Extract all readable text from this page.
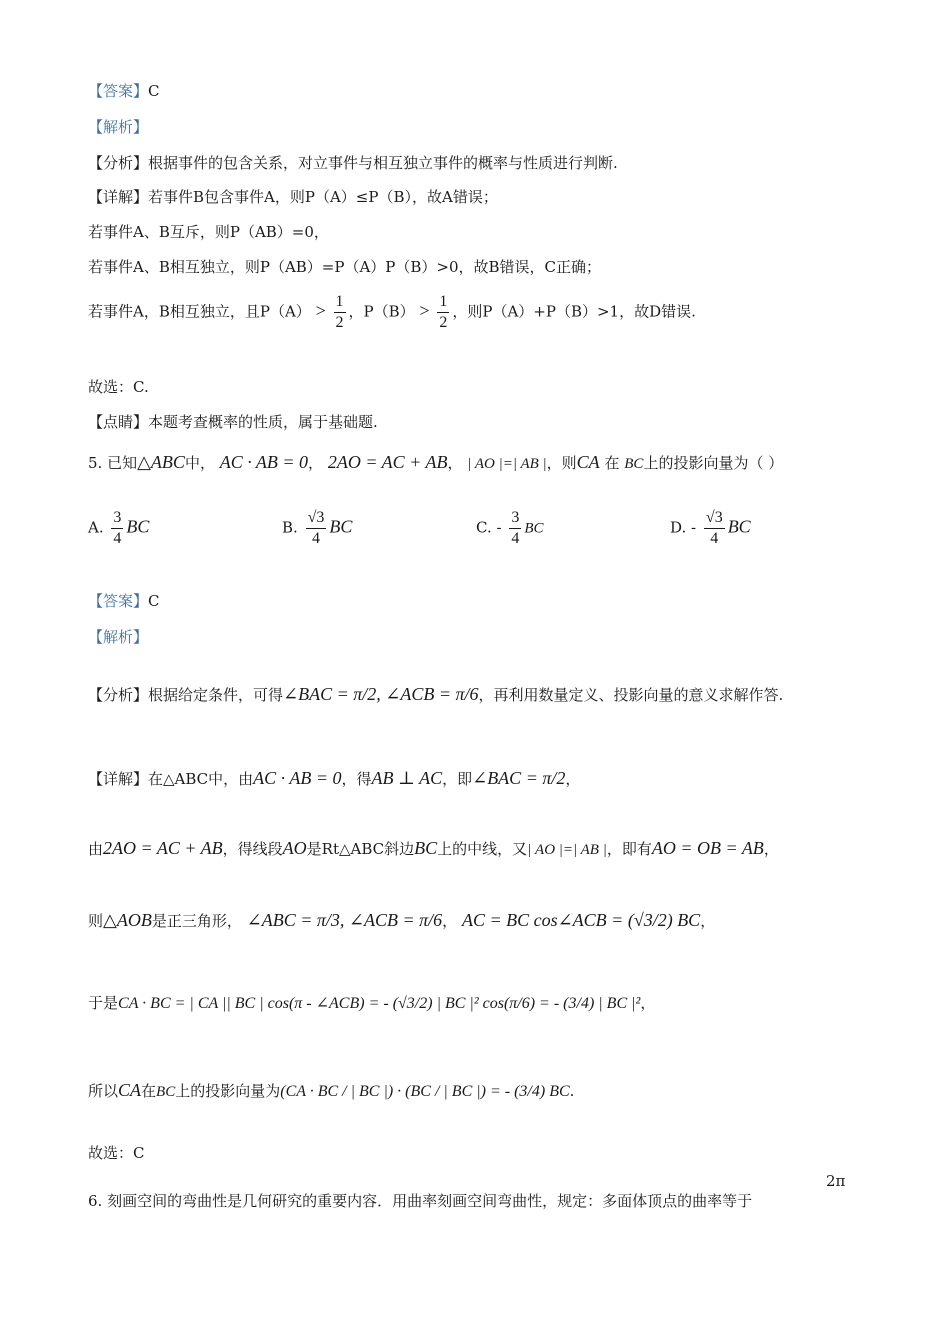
【答案】C
【解析】
【分析】根据事件的包含关系，对立事件与相互独立事件的概率与性质进行判断.
【详解】若事件B包含事件A，则P（A）≤P（B），故A错误；
若事件A、B互斥，则P（AB）=0，
若事件A、B相互独立，则P（AB）=P（A）P（B）>0，故B错误，C正确；
若事件A，B相互独立，且$P(A) > \frac{1}{2}$ ，$P(B) > \frac{1}{2}$ ，则P（A）+P（B）>1，故D错误.
故选：C.
【点睛】本题考查概率的性质，属于基础题.
5. 已知△ABC中， AC · AB = 0， 2AO = AC + AB， | AO |=| AB |，则CA 在 BC上的投影向量为（ ）
A. $\frac{3}{4}$ BC	B. $\frac{√3}{4}$ BC	C. - $\frac{3}{4}$ BC	D. - $\frac{√3}{4}$ BC
【答案】C
【解析】
【分析】根据给定条件，可得∠BAC = π/2, ∠ACB = π/6，再利用数量定义、投影向量的意义求解作答.
【详解】在△ABC中，由AC · AB = 0，得AB ⊥ AC，即∠BAC = π/2，
由2AO = AC + AB，得线段AO是Rt△ABC斜边BC上的中线，又| AO |=| AB |，即有AO = OB = AB，
则△AOB是正三角形， ∠ABC = π/3, ∠ACB = π/6， AC = BC cos∠ACB = (√3/2) BC，
于是CA · BC = | CA || BC | cos(π - ∠ACB) = - (√3/2) | BC |² cos(π/6) = - (3/4) | BC |²，
所以CA在BC上的投影向量为(CA · BC / | BC |) · (BC / | BC |) = - (3/4) BC.
故选：C
6. 刻画空间的弯曲性是几何研究的重要内容．用曲率刻画空间弯曲性，规定：多面体顶点的曲率等于
2π
